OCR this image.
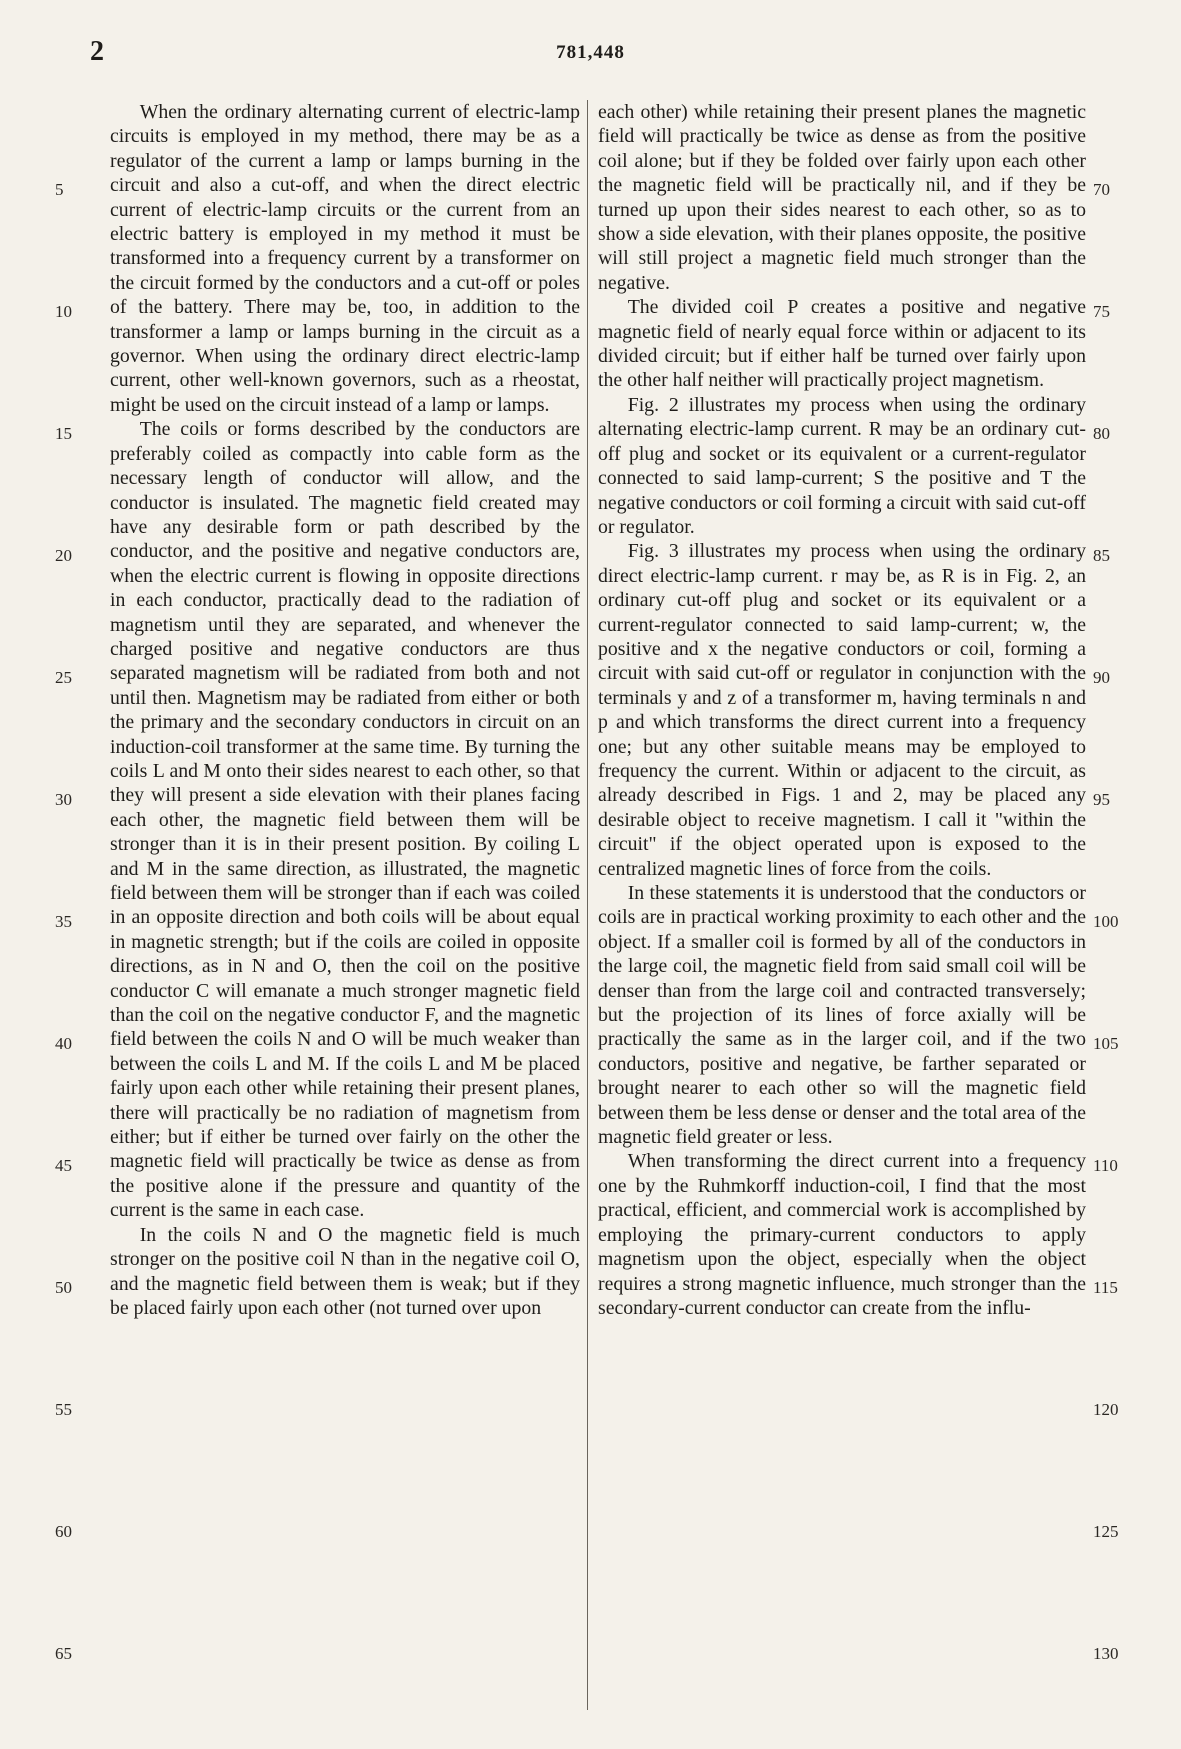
2	781,448
5
10
15
20
25
30
35
40
45
50
55
60
65

When the ordinary alternating current of electric-lamp circuits is employed in my method, there may be as a regulator of the current a lamp or lamps burning in the circuit and also a cut-off, and when the direct electric current of electric-lamp circuits or the current from an electric battery is employed in my method it must be transformed into a frequency current by a transformer on the circuit formed by the conductors and a cut-off or poles of the battery. There may be, too, in addition to the transformer a lamp or lamps burning in the circuit as a governor. When using the ordinary direct electric-lamp current, other well-known governors, such as a rheostat, might be used on the circuit instead of a lamp or lamps.

The coils or forms described by the conductors are preferably coiled as compactly into cable form as the necessary length of conductor will allow, and the conductor is insulated. The magnetic field created may have any desirable form or path described by the conductor, and the positive and negative conductors are, when the electric current is flowing in opposite directions in each conductor, practically dead to the radiation of magnetism until they are separated, and whenever the charged positive and negative conductors are thus separated magnetism will be radiated from both and not until then. Magnetism may be radiated from either or both the primary and the secondary conductors in circuit on an induction-coil transformer at the same time. By turning the coils L and M onto their sides nearest to each other, so that they will present a side elevation with their planes facing each other, the magnetic field between them will be stronger than it is in their present position. By coiling L and M in the same direction, as illustrated, the magnetic field between them will be stronger than if each was coiled in an opposite direction and both coils will be about equal in magnetic strength; but if the coils are coiled in opposite directions, as in N and O, then the coil on the positive conductor C will emanate a much stronger magnetic field than the coil on the negative conductor F, and the magnetic field between the coils N and O will be much weaker than between the coils L and M. If the coils L and M be placed fairly upon each other while retaining their present planes, there will practically be no radiation of magnetism from either; but if either be turned over fairly on the other the magnetic field will practically be twice as dense as from the positive alone if the pressure and quantity of the current is the same in each case.

In the coils N and O the magnetic field is much stronger on the positive coil N than in the negative coil O, and the magnetic field between them is weak; but if they be placed fairly upon each other (not turned over upon

each other) while retaining their present planes the magnetic field will practically be twice as dense as from the positive coil alone; but if they be folded over fairly upon each other the magnetic field will be practically nil, and if they be turned up upon their sides nearest to each other, so as to show a side elevation, with their planes opposite, the positive will still project a magnetic field much stronger than the negative.

The divided coil P creates a positive and negative magnetic field of nearly equal force within or adjacent to its divided circuit; but if either half be turned over fairly upon the other half neither will practically project magnetism.

Fig. 2 illustrates my process when using the ordinary alternating electric-lamp current. R may be an ordinary cut-off plug and socket or its equivalent or a current-regulator connected to said lamp-current; S the positive and T the negative conductors or coil forming a circuit with said cut-off or regulator.

Fig. 3 illustrates my process when using the ordinary direct electric-lamp current. r may be, as R is in Fig. 2, an ordinary cut-off plug and socket or its equivalent or a current-regulator connected to said lamp-current; w, the positive and x the negative conductors or coil, forming a circuit with said cut-off or regulator in conjunction with the terminals y and z of a transformer m, having terminals n and p and which transforms the direct current into a frequency one; but any other suitable means may be employed to frequency the current. Within or adjacent to the circuit, as already described in Figs. 1 and 2, may be placed any desirable object to receive magnetism. I call it "within the circuit" if the object operated upon is exposed to the centralized magnetic lines of force from the coils.

In these statements it is understood that the conductors or coils are in practical working proximity to each other and the object. If a smaller coil is formed by all of the conductors in the large coil, the magnetic field from said small coil will be denser than from the large coil and contracted transversely; but the projection of its lines of force axially will be practically the same as in the larger coil, and if the two conductors, positive and negative, be farther separated or brought nearer to each other so will the magnetic field between them be less dense or denser and the total area of the magnetic field greater or less.

When transforming the direct current into a frequency one by the Ruhmkorff induction-coil, I find that the most practical, efficient, and commercial work is accomplished by employing the primary-current conductors to apply magnetism upon the object, especially when the object requires a strong magnetic influence, much stronger than the secondary-current conductor can create from the influ-

70
75
80
85
90
95
100
105
110
115
120
125
130
